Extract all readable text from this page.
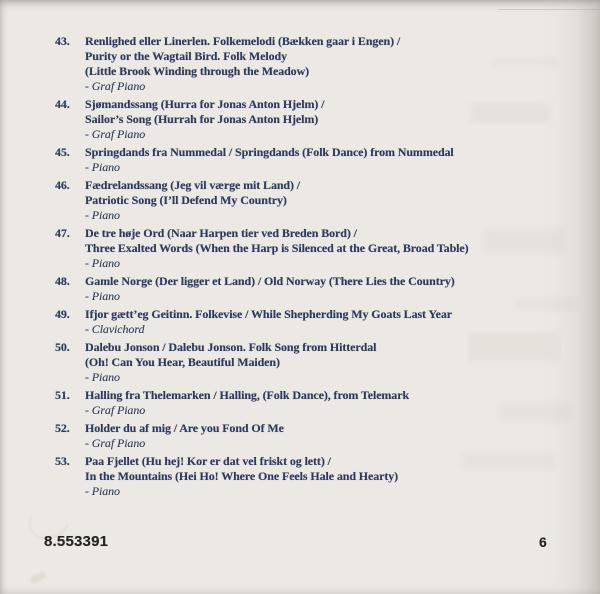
43.	Renlighed eller Linerlen. Folkemelodi (Bækken gaar i Engen) /
Purity or the Wagtail Bird. Folk Melody
(Little Brook Winding through the Meadow)
- Graf Piano
44.	Sjømandssang (Hurra for Jonas Anton Hjelm) /
Sailor’s Song (Hurrah for Jonas Anton Hjelm)
- Graf Piano
45.	Springdands fra Nummedal / Springdands (Folk Dance) from Nummedal
- Piano
46.	Fædrelandssang (Jeg vil værge mit Land) /
Patriotic Song (I’ll Defend My Country)
- Piano
47.	De tre høje Ord (Naar Harpen tier ved Breden Bord) /
Three Exalted Words (When the Harp is Silenced at the Great, Broad Table)
- Piano
48.	Gamle Norge (Der ligger et Land) / Old Norway (There Lies the Country)
- Piano
49.	Ifjor gætt’eg Geitinn. Folkevise / While Shepherding My Goats Last Year
- Clavichord
50.	Dalebu Jonson / Dalebu Jonson. Folk Song from Hitterdal
(Oh! Can You Hear, Beautiful Maiden)
- Piano
51.	Halling fra Thelemarken / Halling, (Folk Dance), from Telemark
- Graf Piano
52.	Holder du af mig / Are you Fond Of Me
- Graf Piano
53.	Paa Fjellet (Hu hej! Kor er dat vel friskt og lett) /
In the Mountains (Hei Ho! Where One Feels Hale and Hearty)
- Piano
8.553391	6
